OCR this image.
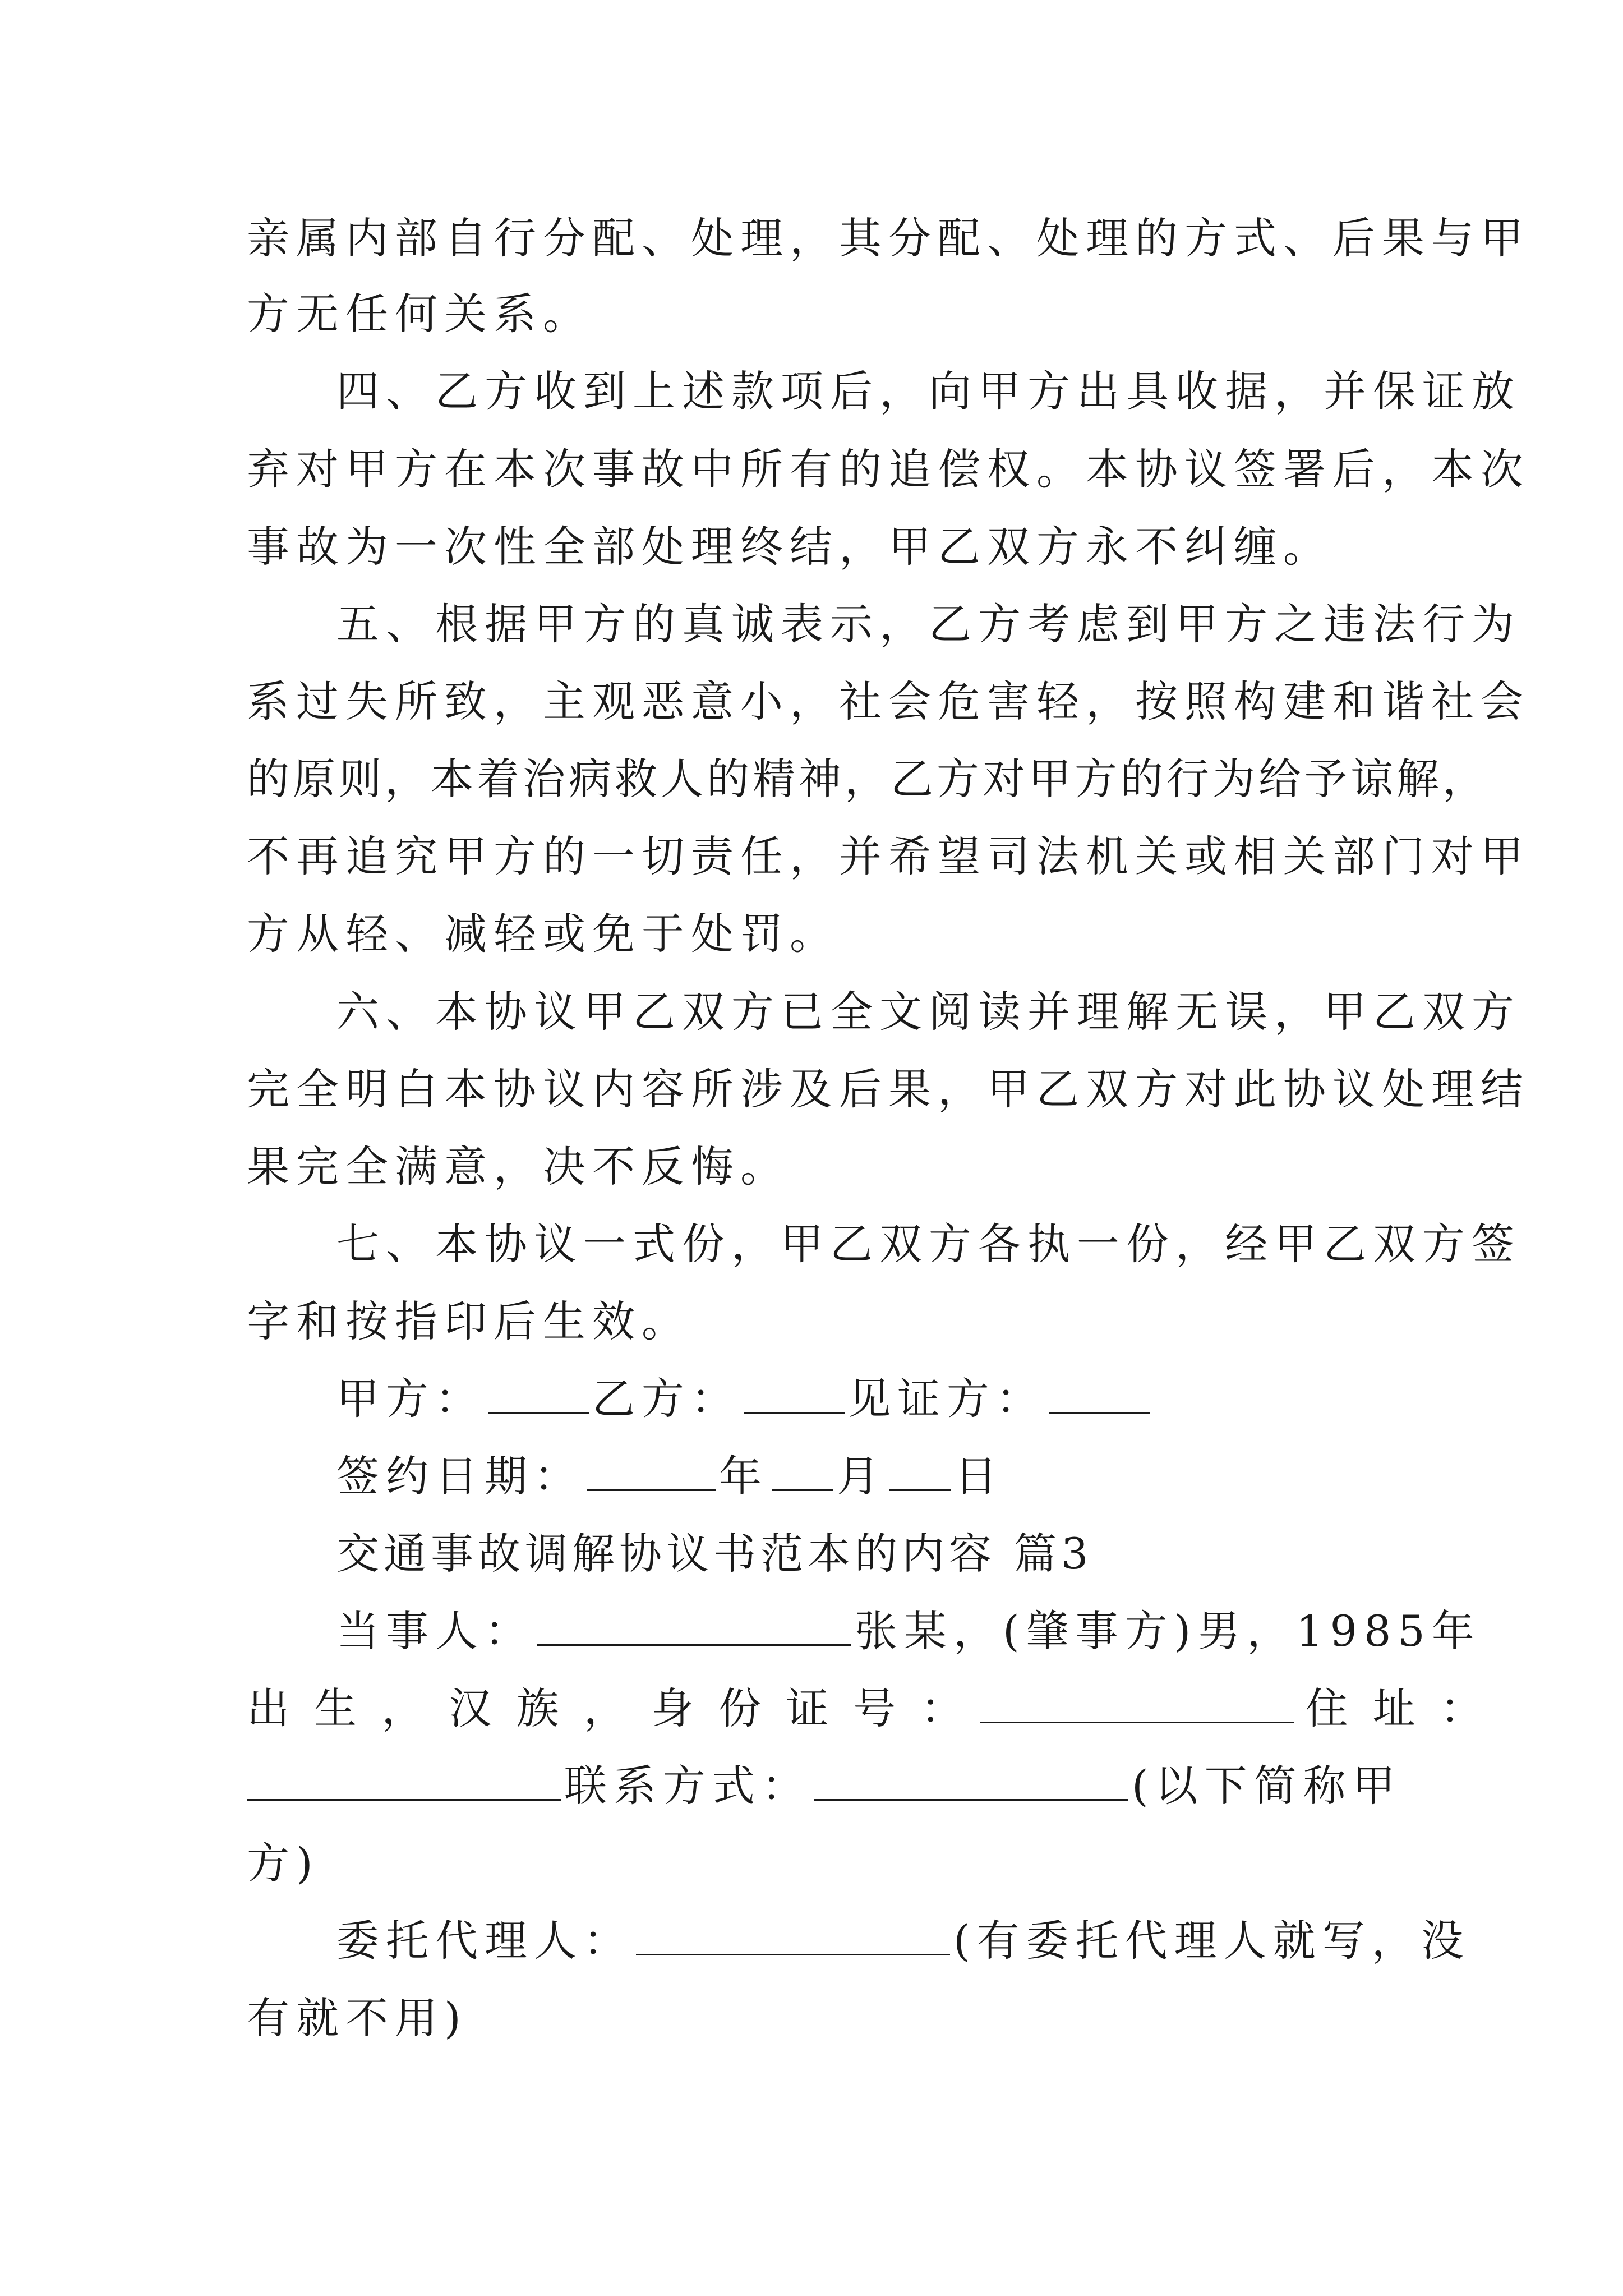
亲属内部自行分配、处理，其分配、处理的方式、后果与甲

方无任何关系。

四、乙方收到上述款项后，向甲方出具收据，并保证放

弃对甲方在本次事故中所有的追偿权。本协议签署后，本次

事故为一次性全部处理终结，甲乙双方永不纠缠。

五、根据甲方的真诚表示，乙方考虑到甲方之违法行为

系过失所致，主观恶意小，社会危害轻，按照构建和谐社会

的原则，本着治病救人的精神，乙方对甲方的行为给予谅解，

不再追究甲方的一切责任，并希望司法机关或相关部门对甲

方从轻、减轻或免于处罚。

六、本协议甲乙双方已全文阅读并理解无误，甲乙双方

完全明白本协议内容所涉及后果，甲乙双方对此协议处理结

果完全满意，决不反悔。

七、本协议一式份，甲乙双方各执一份，经甲乙双方签

字和按指印后生效。

甲方：	乙方：	见证方：
签约日期：	年 月 日

交通事故调解协议书范本的内容 篇3

当事人：	张某，(肇事方)男，1985年
出 生 ， 汉 族 ， 身 份 证 号 ：	住 址 ：
联系方式：	(以下简称甲

方)

委托代理人：	(有委托代理人就写，没

有就不用)
